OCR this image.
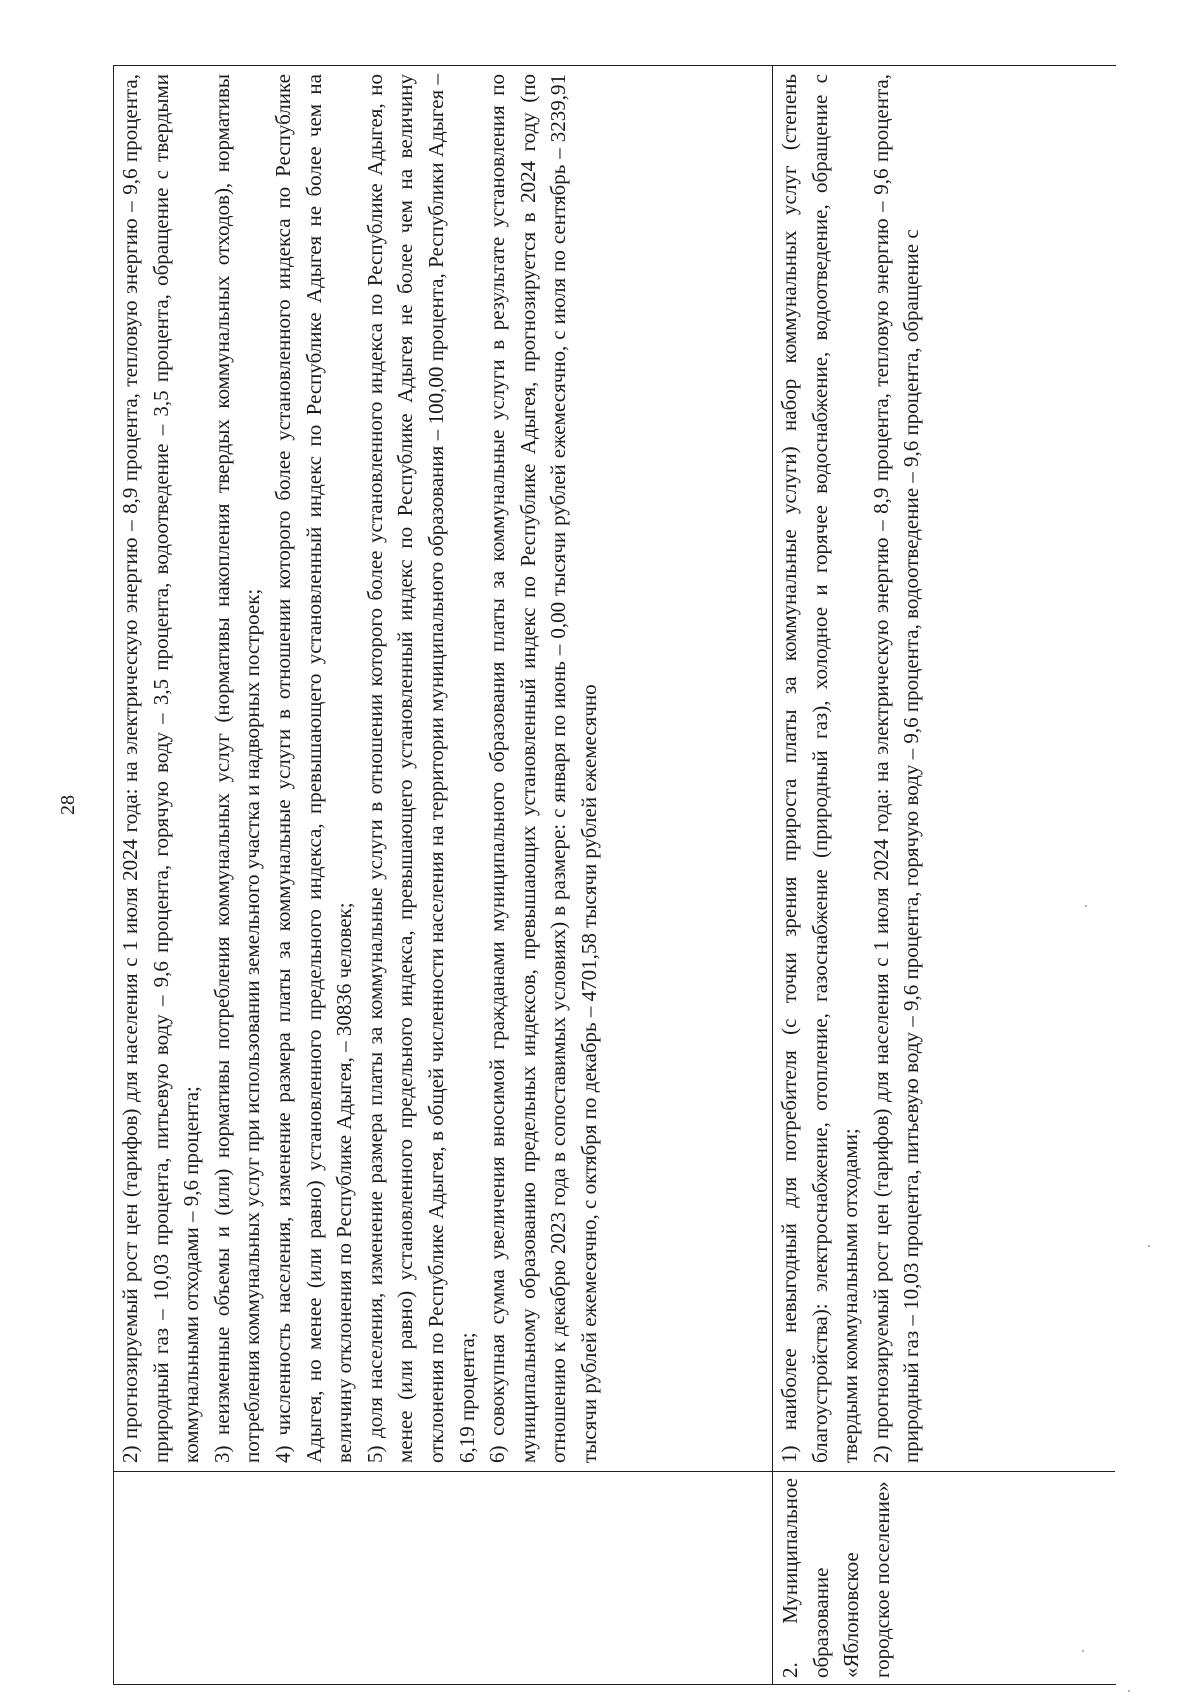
28 2) прогнозируемый рост цен (тарифов) для населения с 1 июля 2024 года: на электрическую энергию – 8,9 процента, тепловую энергию – 9,6 процента, природный газ – 10,03 процента, питьевую воду – 9,6 процента, горячую воду – 3,5 процента, водоотведение – 3,5 процента, обращение с твердыми коммунальными отходами – 9,6 процента; 3) неизменные объемы и (или) нормативы потребления коммунальных услуг (нормативы накопления твердых коммунальных отходов), нормативы потребления коммунальных услуг при использовании земельного участка и надворных построек; 4) численность населения, изменение размера платы за коммунальные услуги в отношении которого более установленного индекса по Республике Адыгея, но менее (или равно) установленного предельного индекса, превышающего установленный индекс по Республике Адыгея не более чем на величину отклонения по Республике Адыгея, – 30836 человек; 5) доля населения, изменение размера платы за коммунальные услуги в отношении которого более установленного индекса по Республике Адыгея, но менее (или равно) установленного предельного индекса, превышающего установленный индекс по Республике Адыгея не более чем на величину отклонения по Республике Адыгея, в общей численности населения на территории муниципального образования – 100,00 процента, Республики Адыгея – 6,19 процента; 6) совокупная сумма увеличения вносимой гражданами муниципального образования платы за коммунальные услуги в результате установления по муниципальному образованию предельных индексов, превышающих установленный индекс по Республике Адыгея, прогнозируется в 2024 году (по отношению к декабрю 2023 года в сопоставимых условиях) в размере: с января по июнь – 0,00 тысячи рублей ежемесячно, с июля по сентябрь – 3239,91 тысячи рублей ежемесячно, с октября по декабрь – 4701,58 тысячи рублей ежемесячно

2. Муниципальное образование «Яблоновское городское поселение»

1) наиболее невыгодный для потребителя (с точки зрения прироста платы за коммунальные услуги) набор коммунальных услуг (степень благоустройства): электроснабжение, отопление, газоснабжение (природный газ), холодное и горячее водоснабжение, водоотведение, обращение с твердыми коммунальными отходами; 2) прогнозируемый рост цен (тарифов) для населения с 1 июля 2024 года: на электрическую энергию – 8,9 процента, тепловую энергию – 9,6 процента, природный газ – 10,03 процента, питьевую воду – 9,6 процента, горячую воду – 9,6 процента, водоотведение – 9,6 процента, обращение с
